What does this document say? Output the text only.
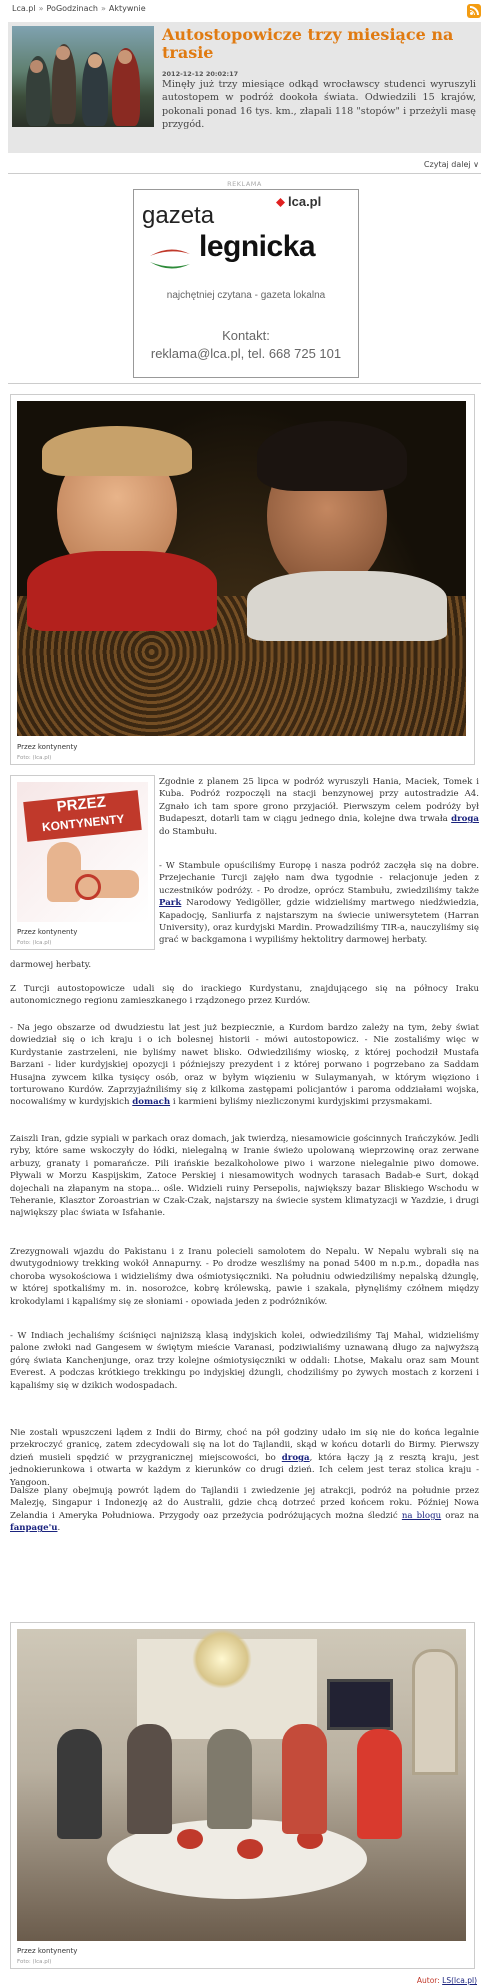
Lca.pl » PoGodzinach » Aktywnie
Autostopowicze trzy miesiące na trasie
2012-12-12 20:02:17
Minęły już trzy miesiące odkąd wrocławscy studenci wyruszyli autostopem w podróż dookoła świata. Odwiedzili 15 krajów, pokonali ponad 16 tys. km., złapali 118 "stopów" i przeżyli masę przygód.
Czytaj dalej ∨
REKLAMA
lca.pl
gazeta
legnicka
najchętniej czytana - gazeta lokalna
Kontakt:
reklama@lca.pl, tel. 668 725 101
Przez kontynenty
Foto: (lca.pl)
PRZEZ
KONTYNENTY
Przez kontynenty
Foto: (lca.pl)
Zgodnie z planem 25 lipca w podróż wyruszyli Hania, Maciek, Tomek i Kuba. Podróż rozpoczęli na stacji benzynowej przy autostradzie A4. Zgnało ich tam spore grono przyjaciół. Pierwszym celem podróży był Budapeszt, dotarli tam w ciągu jednego dnia, kolejne dwa trwała droga do Stambułu.
- W Stambule opuściliśmy Europę i nasza podróż zaczęła się na dobre. Przejechanie Turcji zajęło nam dwa tygodnie - relacjonuje jeden z uczestników podróży. - Po drodze, oprócz Stambułu, zwiedziliśmy także Park Narodowy Yedigöller, gdzie widzieliśmy martwego niedźwiedzia, Kapadocję, Sanliurfa z najstarszym na świecie uniwersytetem (Harran University), oraz kurdyjski Mardin. Prowadziliśmy TIR-a, nauczyliśmy się grać w backgamona i wypiliśmy hektolitry darmowej herbaty.
darmowej herbaty.
Z Turcji autostopowicze udali się do irackiego Kurdystanu, znajdującego się na północy Iraku autonomicznego regionu zamieszkanego i rządzonego przez Kurdów.
- Na jego obszarze od dwudziestu lat jest już bezpiecznie, a Kurdom bardzo zależy na tym, żeby świat dowiedział się o ich kraju i o ich bolesnej historii - mówi autostopowicz. - Nie zostaliśmy więc w Kurdystanie zastrzeleni, nie byliśmy nawet blisko. Odwiedziliśmy wioskę, z której pochodził Mustafa Barzani - lider kurdyjskiej opozycji i późniejszy prezydent i z której porwano i pogrzebano za Saddam Husajna zywcem kilka tysięcy osób, oraz w byłym więzieniu w Sulaymanyah, w którym więziono i torturowano Kurdów. Zaprzyjaźniliśmy się z kilkoma zastępami policjantów i paroma oddziałami wojska, nocowaliśmy w kurdyjskich domach i karmieni byliśmy niezliczonymi kurdyjskimi przysmakami.
Zaiszli Iran, gdzie sypiali w parkach oraz domach, jak twierdzą, niesamowicie gościnnych Irańczyków. Jedli ryby, które same wskoczyły do łódki, nielegalną w Iranie świeżo upolowaną wieprzowinę oraz zerwane arbuzy, granaty i pomarańcze. Pili irańskie bezalkoholowe piwo i warzone nielegalnie piwo domowe. Pływali w Morzu Kaspijskim, Zatoce Perskiej i niesamowitych wodnych tarasach Badab-e Surt, dokąd dojechali na złapanym na stopa... ośle. Widzieli ruiny Persepolis, największy bazar Bliskiego Wschodu w Teheranie, Klasztor Zoroastrian w Czak-Czak, najstarszy na świecie system klimatyzacji w Yazdzie, i drugi największy plac świata w Isfahanie.
Zrezygnowali wjazdu do Pakistanu i z Iranu polecieli samolotem do Nepalu. W Nepalu wybrali się na dwutygodniowy trekking wokół Annapurny. - Po drodze weszliśmy na ponad 5400 m n.p.m., dopadła nas choroba wysokościowa i widzieliśmy dwa ośmiotysięczniki. Na południu odwiedziliśmy nepalską dżunglę, w której spotkaliśmy m. in. nosorożce, kobrę królewską, pawie i szakala, płynęliśmy czółnem między krokodylami i kąpaliśmy się ze słoniami - opowiada jeden z podróżników.
- W Indiach jechaliśmy ściśnięci najniższą klasą indyjskich kolei, odwiedziliśmy Taj Mahal, widzieliśmy palone zwłoki nad Gangesem w świętym mieście Varanasi, podziwialiśmy uznawaną długo za najwyższą górę świata Kanchenjunge, oraz trzy kolejne ośmiotysięczniki w oddali: Lhotse, Makalu oraz sam Mount Everest. A podczas krótkiego trekkingu po indyjskiej dżungli, chodziliśmy po żywych mostach z korzeni i kąpaliśmy się w dzikich wodospadach.
Nie zostali wpuszczeni lądem z Indii do Birmy, choć na pół godziny udało im się nie do końca legalnie przekroczyć granicę, zatem zdecydowali się na lot do Tajlandii, skąd w końcu dotarli do Birmy. Pierwszy dzień musieli spędzić w przygranicznej miejscowości, bo droga, która łączy ją z resztą kraju, jest jednokierunkowa i otwarta w każdym z kierunków co drugi dzień. Ich celem jest teraz stolica kraju - Yangoon.
Dalsze plany obejmują powrót lądem do Tajlandii i zwiedzenie jej atrakcji, podróż na południe przez Malezję, Singapur i Indonezję aż do Australii, gdzie chcą dotrzeć przed końcem roku. Później Nowa Zelandia i Ameryka Południowa. Przygody oaz przeżycia podróżujących można śledzić na blogu oraz na fanpage'u.
Przez kontynenty
Foto: (lca.pl)
Autor: LS(lca.pl)
